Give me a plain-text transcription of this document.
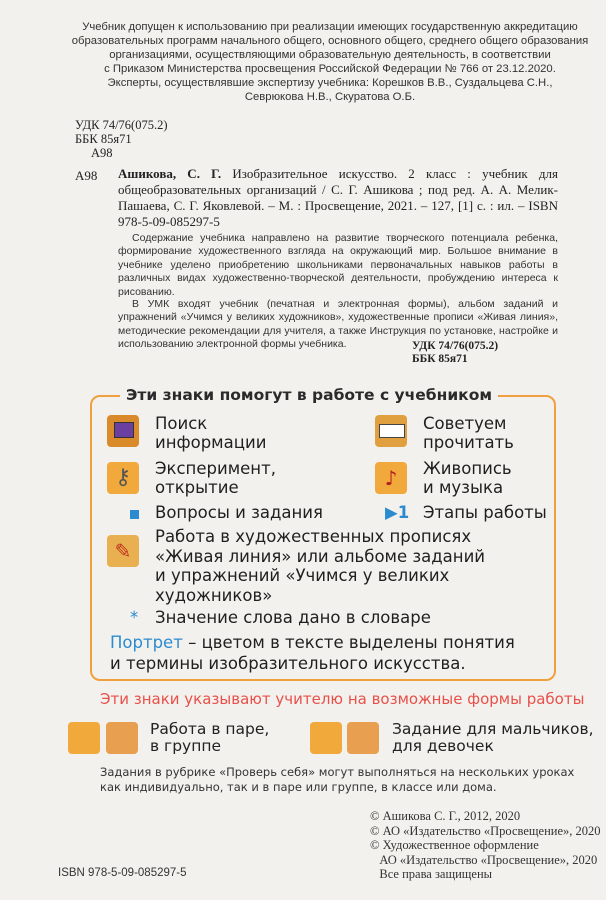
Учебник допущен к использованию при реализации имеющих государственную аккредитацию
образовательных программ начального общего, основного общего, среднего общего образования
организациями, осуществляющими образовательную деятельность, в соответствии
с Приказом Министерства просвещения Российской Федерации № 766 от 23.12.2020.
Эксперты, осуществлявшие экспертизу учебника: Корешков В.В., Суздальцева С.Н.,
Севрюкова Н.В., Скуратова О.Б.
УДК 74/76(075.2)
ББК 85я71
А98
А98 Ашикова, С. Г. Изобразительное искусство. 2 класс : учебник для общеобразовательных организаций / С. Г. Ашикова ; под ред. А. А. Мелик-Пашаева, С. Г. Яковлевой. – М. : Просвещение, 2021. – 127, [1] с. : ил. – ISBN 978-5-09-085297-5
Содержание учебника направлено на развитие творческого потенциала ребенка, формирование художественного взгляда на окружающий мир. Большое внимание в учебнике уделено приобретению школьниками первоначальных навыков работы в различных видах художественно-творческой деятельности, пробуждению интереса к рисованию.
В УМК входят учебник (печатная и электронная формы), альбом заданий и упражнений «Учимся у великих художников», художественные прописи «Живая линия», методические рекомендации для учителя, а также Инструкция по установке, настройке и использованию электронной формы учебника.	УДК 74/76(075.2)
ББК 85я71
Эти знаки помогут в работе с учебником
Поиск
информации
Советуем
прочитать
⚷	Эксперимент,
открытие	♪	Живопись
и музыка
Вопросы и задания	▶1 Этапы работы
✎
Работа в художественных прописях
«Живая линия» или альбоме заданий
и упражнений «Учимся у великих
художников»
* Значение слова дано в словаре
Портрет – цветом в тексте выделены понятия
и термины изобразительного искусства.
Эти знаки указывают учителю на возможные формы работы
Работа в паре,
в группе
Задание для мальчиков,
для девочек
Задания в рубрике «Проверь себя» могут выполняться на нескольких уроках
как индивидуально, так и в паре или группе, в классе или дома.
© Ашикова С. Г., 2012, 2020
© АО «Издательство «Просвещение», 2020
© Художественное оформление
АО «Издательство «Просвещение», 2020
Все права защищены
ISBN 978-5-09-085297-5
